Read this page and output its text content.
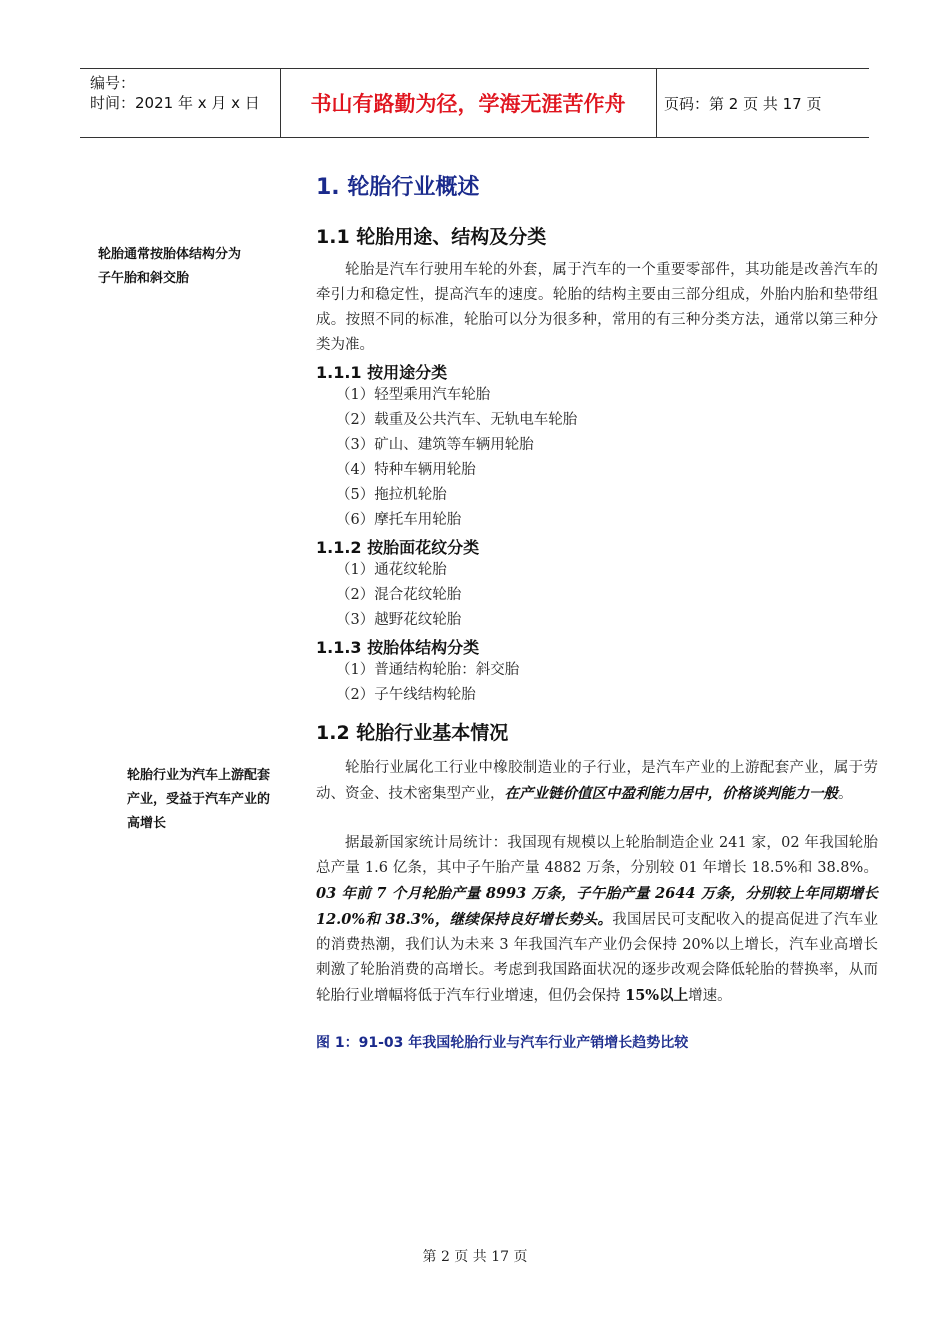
编号：
时间：2021 年 x 月 x 日	书山有路勤为径，学海无涯苦作舟	页码：第 2 页 共 17 页
轮胎通常按胎体结构分为
子午胎和斜交胎
轮胎行业为汽车上游配套
产业，受益于汽车产业的
高增长
1. 轮胎行业概述
1.1 轮胎用途、结构及分类
轮胎是汽车行驶用车轮的外套，属于汽车的一个重要零部件，其功能是改善汽车的牵引力和稳定性，提高汽车的速度。轮胎的结构主要由三部分组成，外胎内胎和垫带组成。按照不同的标准，轮胎可以分为很多种，常用的有三种分类方法，通常以第三种分类为准。
1.1.1 按用途分类
（1）轻型乘用汽车轮胎
（2）载重及公共汽车、无轨电车轮胎
（3）矿山、建筑等车辆用轮胎
（4）特种车辆用轮胎
（5）拖拉机轮胎
（6）摩托车用轮胎
1.1.2 按胎面花纹分类
（1）通花纹轮胎
（2）混合花纹轮胎
（3）越野花纹轮胎
1.1.3 按胎体结构分类
（1）普通结构轮胎：斜交胎
（2）子午线结构轮胎
1.2 轮胎行业基本情况
轮胎行业属化工行业中橡胶制造业的子行业，是汽车产业的上游配套产业，属于劳动、资金、技术密集型产业，在产业链价值区中盈利能力居中，价格谈判能力一般。
据最新国家统计局统计：我国现有规模以上轮胎制造企业 241 家，02 年我国轮胎总产量 1.6 亿条，其中子午胎产量 4882 万条，分别较 01 年增长 18.5%和 38.8%。03 年前 7 个月轮胎产量 8993 万条，子午胎产量 2644 万条，分别较上年同期增长 12.0%和 38.3%，继续保持良好增长势头。我国居民可支配收入的提高促进了汽车业的消费热潮，我们认为未来 3 年我国汽车产业仍会保持 20%以上增长，汽车业高增长刺激了轮胎消费的高增长。考虑到我国路面状况的逐步改观会降低轮胎的替换率，从而轮胎行业增幅将低于汽车行业增速，但仍会保持 15%以上增速。
图 1：91-03 年我国轮胎行业与汽车行业产销增长趋势比较
第 2 页 共 17 页
